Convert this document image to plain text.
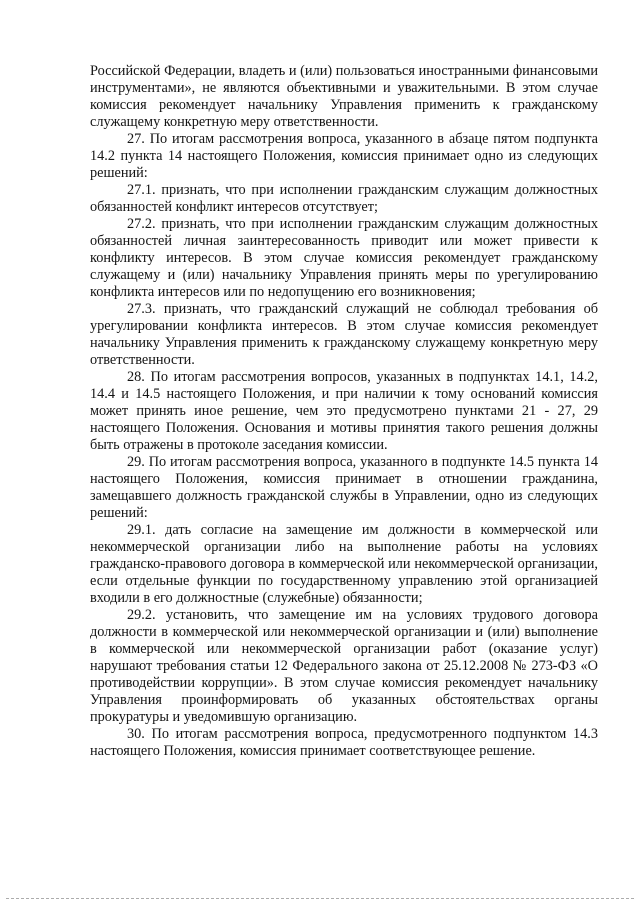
Российской Федерации, владеть и (или) пользоваться иностранными финансовыми инструментами», не являются объективными и уважительными. В этом случае комиссия рекомендует начальнику Управления применить к гражданскому служащему конкретную меру ответственности.

27. По итогам рассмотрения вопроса, указанного в абзаце пятом подпункта 14.2 пункта 14 настоящего Положения, комиссия принимает одно из следующих решений:

27.1. признать, что при исполнении гражданским служащим должностных обязанностей конфликт интересов отсутствует;

27.2. признать, что при исполнении гражданским служащим должностных обязанностей личная заинтересованность приводит или может привести к конфликту интересов. В этом случае комиссия рекомендует гражданскому служащему и (или) начальнику Управления принять меры по урегулированию конфликта интересов или по недопущению его возникновения;

27.3. признать, что гражданский служащий не соблюдал требования об урегулировании конфликта интересов. В этом случае комиссия рекомендует начальнику Управления применить к гражданскому служащему конкретную меру ответственности.

28. По итогам рассмотрения вопросов, указанных в подпунктах 14.1, 14.2, 14.4 и 14.5 настоящего Положения, и при наличии к тому оснований комиссия может принять иное решение, чем это предусмотрено пунктами 21 - 27, 29 настоящего Положения. Основания и мотивы принятия такого решения должны быть отражены в протоколе заседания комиссии.

29. По итогам рассмотрения вопроса, указанного в подпункте 14.5 пункта 14 настоящего Положения, комиссия принимает в отношении гражданина, замещавшего должность гражданской службы в Управлении, одно из следующих решений:

29.1. дать согласие на замещение им должности в коммерческой или некоммерческой организации либо на выполнение работы на условиях гражданско-правового договора в коммерческой или некоммерческой организации, если отдельные функции по государственному управлению этой организацией входили в его должностные (служебные) обязанности;

29.2. установить, что замещение им на условиях трудового договора должности в коммерческой или некоммерческой организации и (или) выполнение в коммерческой или некоммерческой организации работ (оказание услуг) нарушают требования статьи 12 Федерального закона от 25.12.2008 № 273-ФЗ «О противодействии коррупции». В этом случае комиссия рекомендует начальнику Управления проинформировать об указанных обстоятельствах органы прокуратуры и уведомившую организацию.

30. По итогам рассмотрения вопроса, предусмотренного подпунктом 14.3 настоящего Положения, комиссия принимает соответствующее решение.
